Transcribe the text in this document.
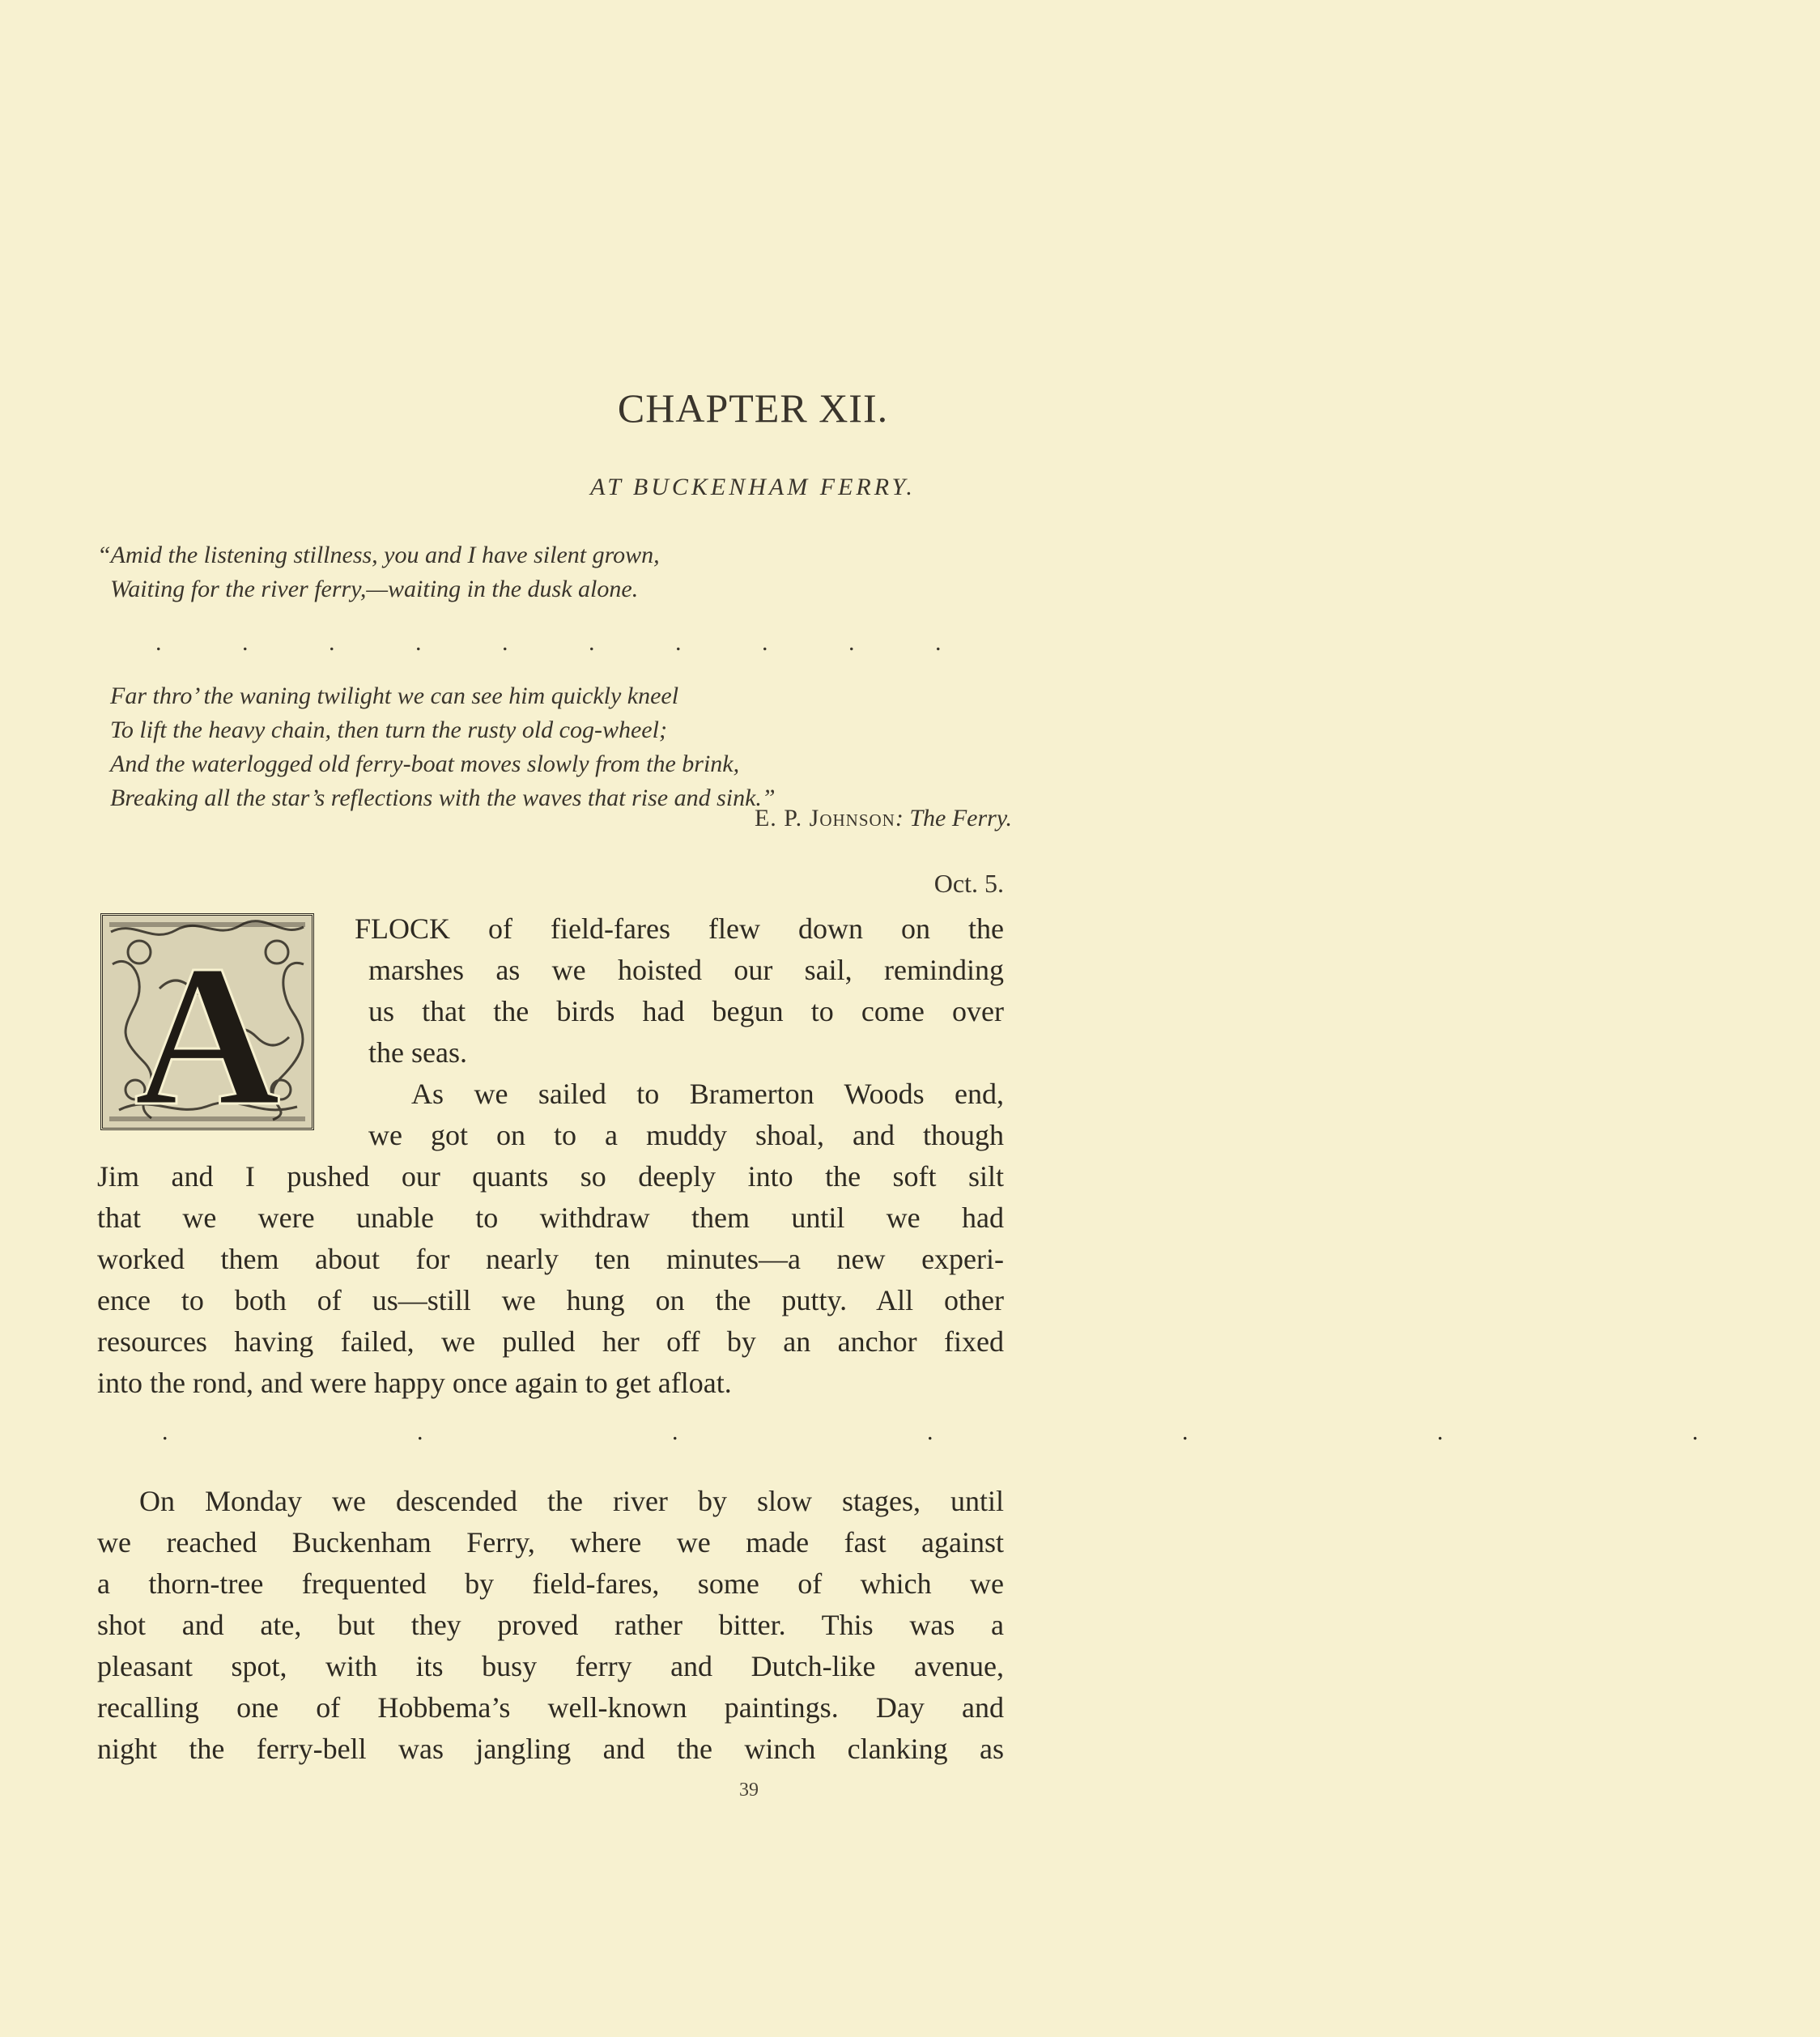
CHAPTER XII.
AT BUCKENHAM FERRY.
“Amid the listening stillness, you and I have silent grown,
Waiting for the river ferry,—waiting in the dusk alone.
. . . . . . . . . .
Far thro’ the waning twilight we can see him quickly kneel
To lift the heavy chain, then turn the rusty old cog-wheel;
And the waterlogged old ferry-boat moves slowly from the brink,
Breaking all the star’s reflections with the waves that rise and sink.”
E. P. Johnson: The Ferry.
Oct. 5.
A	FLOCK of field-fares flew down on the
marshes as we hoisted our sail, reminding
us that the birds had begun to come over
the seas.
As we sailed to Bramerton Woods end,
we got on to a muddy shoal, and though
Jim and I pushed our quants so deeply into the soft silt
that we were unable to withdraw them until we had
worked them about for nearly ten minutes—a new experi-
ence to both of us—still we hung on the putty. All other
resources having failed, we pulled her off by an anchor fixed
into the rond, and were happy once again to get afloat.
. . . . . . .
On Monday we descended the river by slow stages, until
we reached Buckenham Ferry, where we made fast against
a thorn-tree frequented by field-fares, some of which we
shot and ate, but they proved rather bitter. This was a
pleasant spot, with its busy ferry and Dutch-like avenue,
recalling one of Hobbema’s well-known paintings. Day and
night the ferry-bell was jangling and the winch clanking as
39
